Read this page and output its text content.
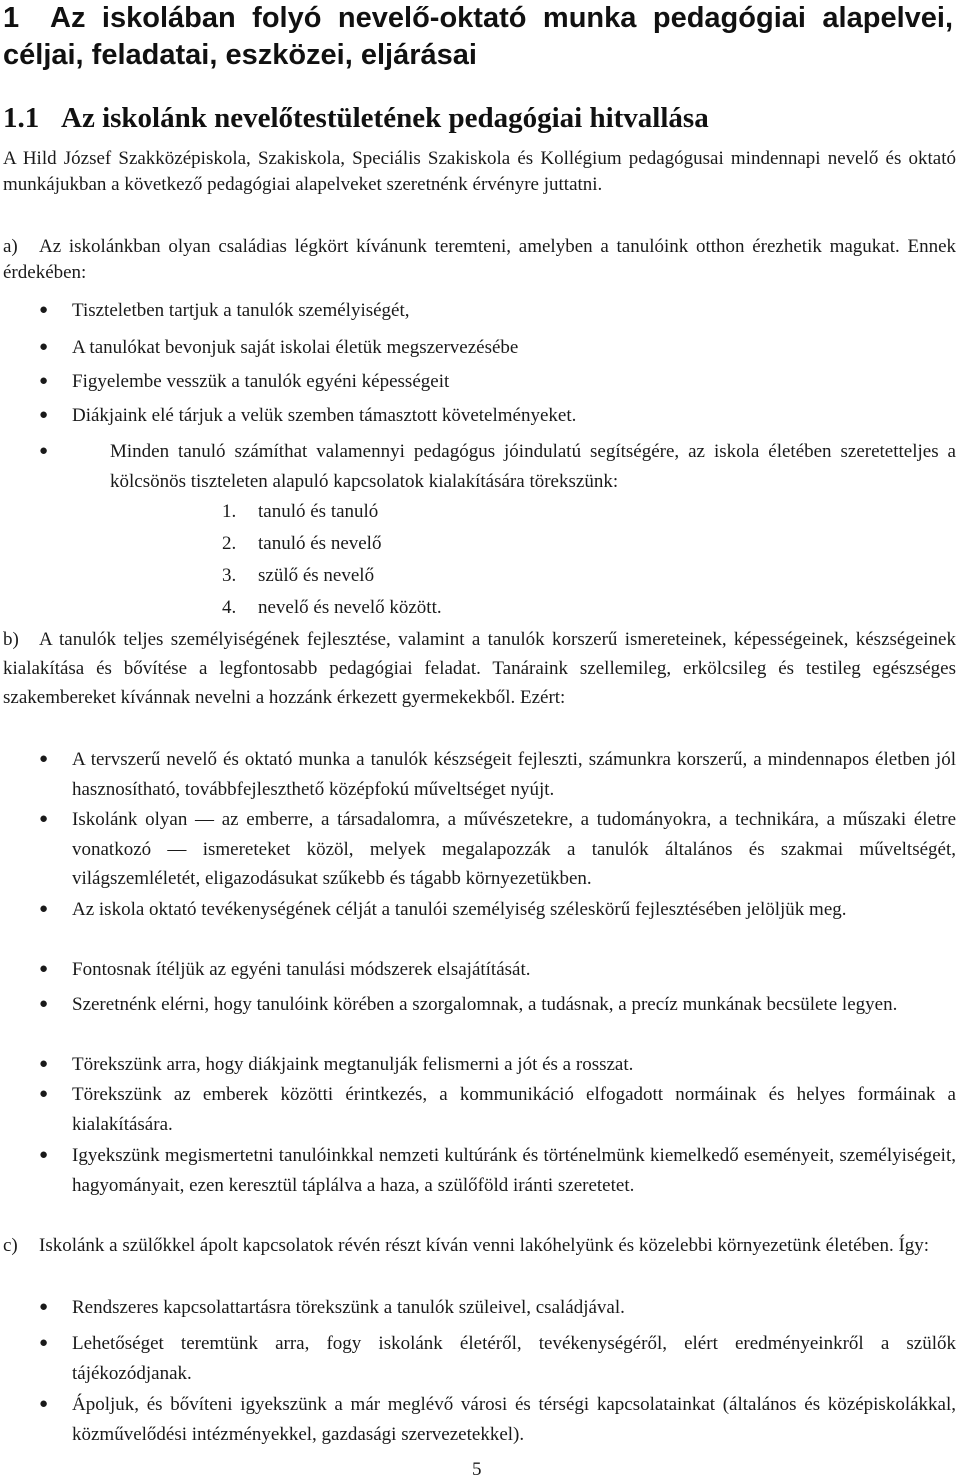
1 Az iskolában folyó nevelő-oktató munka pedagógiai alapelvei, céljai, feladatai, eszközei, eljárásai
1.1 Az iskolánk nevelőtestületének pedagógiai hitvallása

A Hild József Szakközépiskola, Szakiskola, Speciális Szakiskola és Kollégium pedagógusai mindennapi nevelő és oktató munkájukban a következő pedagógiai alapelveket szeretnénk érvényre juttatni.

a) Az iskolánkban olyan családias légkört kívánunk teremteni, amelyben a tanulóink otthon érezhetik magukat. Ennek érdekében:

● Tiszteletben tartjuk a tanulók személyiségét,
● A tanulókat bevonjuk saját iskolai életük megszervezésébe
● Figyelembe vesszük a tanulók egyéni képességeit
● Diákjaink elé tárjuk a velük szemben támasztott követelményeket.
●	Minden tanuló számíthat valamennyi pedagógus jóindulatú segítségére, az iskola életében szeretetteljes a kölcsönös tiszteleten alapuló kapcsolatok kialakítására törekszünk:
1. tanuló és tanuló
2. tanuló és nevelő
3. szülő és nevelő
4. nevelő és nevelő között.

b) A tanulók teljes személyiségének fejlesztése, valamint a tanulók korszerű ismereteinek, képességeinek, készségeinek kialakítása és bővítése a legfontosabb pedagógiai feladat. Tanáraink szellemileg, erkölcsileg és testileg egészséges szakembereket kívánnak nevelni a hozzánk érkezett gyermekekből. Ezért:

● A tervszerű nevelő és oktató munka a tanulók készségeit fejleszti, számunkra korszerű, a mindennapos életben jól hasznosítható, továbbfejleszthető középfokú műveltséget nyújt.
● Iskolánk olyan — az emberre, a társadalomra, a művészetekre, a tudományokra, a technikára, a műszaki életre vonatkozó — ismereteket közöl, melyek megalapozzák a tanulók általános és szakmai műveltségét, világszemléletét, eligazodásukat szűkebb és tágabb környezetükben.
● Az iskola oktató tevékenységének célját a tanulói személyiség széleskörű fejlesztésében jelöljük meg.
● Fontosnak ítéljük az egyéni tanulási módszerek elsajátítását.
● Szeretnénk elérni, hogy tanulóink körében a szorgalomnak, a tudásnak, a precíz munkának becsülete legyen.
● Törekszünk arra, hogy diákjaink megtanulják felismerni a jót és a rosszat.
● Törekszünk az emberek közötti érintkezés, a kommunikáció elfogadott normáinak és helyes formáinak a kialakítására.
● Igyekszünk megismertetni tanulóinkkal nemzeti kultúránk és történelmünk kiemelkedő eseményeit, személyiségeit, hagyományait, ezen keresztül táplálva a haza, a szülőföld iránti szeretetet.

c) Iskolánk a szülőkkel ápolt kapcsolatok révén részt kíván venni lakóhelyünk és közelebbi környezetünk életében. Így:

● Rendszeres kapcsolattartásra törekszünk a tanulók szüleivel, családjával.
● Lehetőséget teremtünk arra, fogy iskolánk életéről, tevékenységéről, elért eredményeinkről a szülők tájékozódjanak.
● Ápoljuk, és bővíteni igyekszünk a már meglévő városi és térségi kapcsolatainkat (általános és középiskolákkal, közművelődési intézményekkel, gazdasági szervezetekkel).
5
